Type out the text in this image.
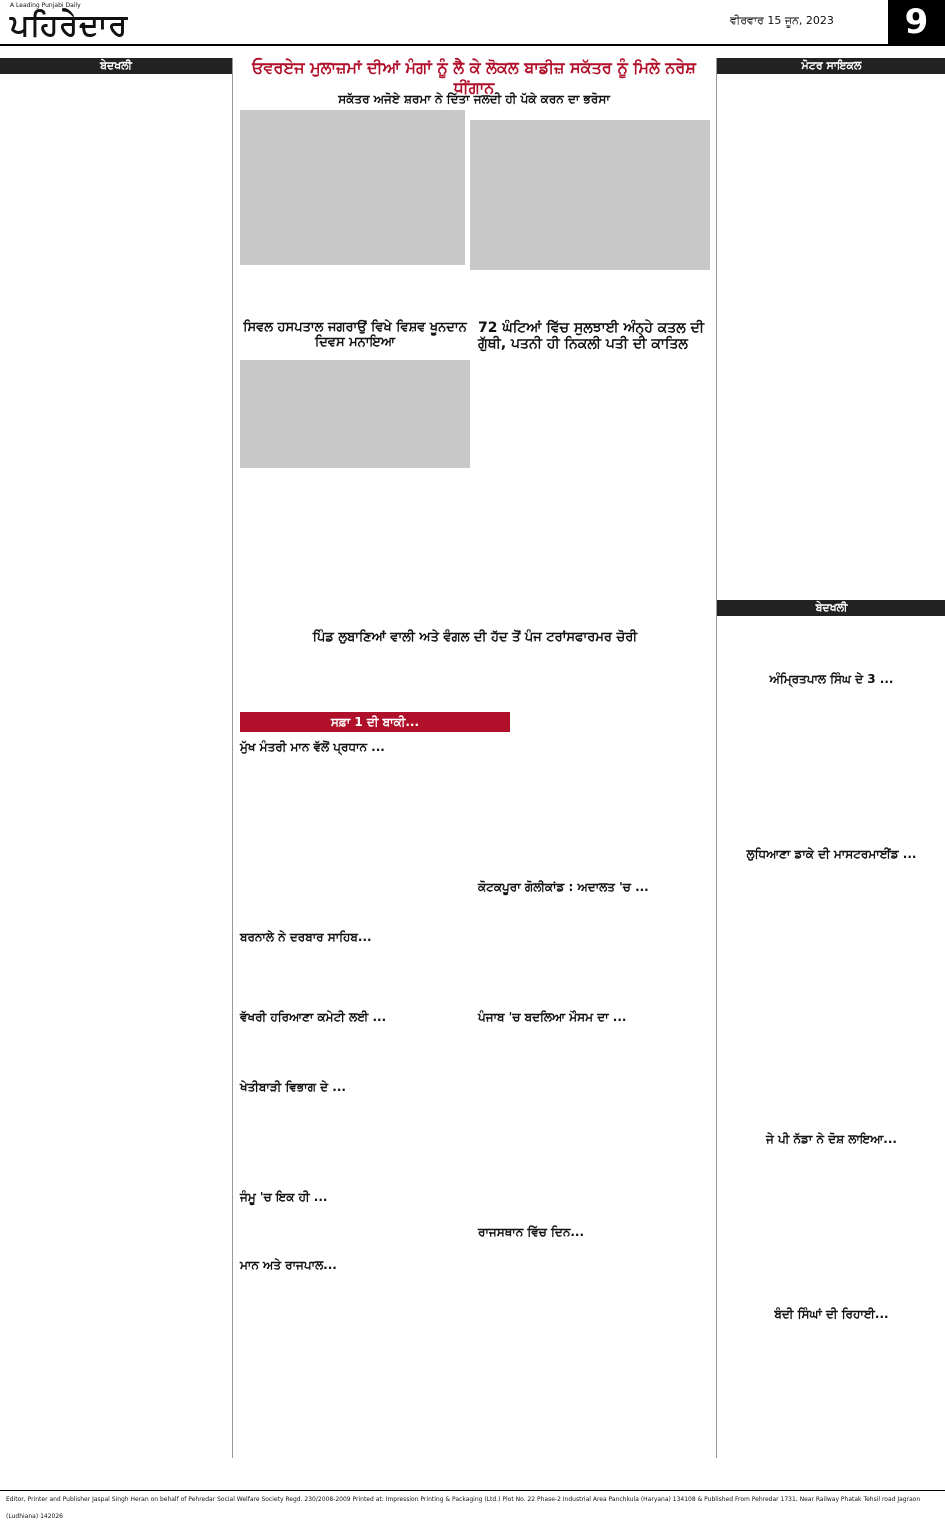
A Leading Punjabi Daily
ਪਹਿਰੇਦਾਰ	ਵੀਰਵਾਰ 15 ਜੂਨ, 2023	9
ਬੇਦਖਲੀ	ਮੋਟਰ ਸਾਇਕਲ
ਬੇਦਖਲੀ
ਅੰਮ੍ਰਿਤਪਾਲ ਸਿੰਘ ਦੇ 3 ...
ਲੁਧਿਆਣਾ ਡਾਕੇ ਦੀ ਮਾਸਟਰਮਾਈਂਡ ...
ਜੇ ਪੀ ਨੱਡਾ ਨੇ ਦੋਸ਼ ਲਾਇਆ...
ਬੰਦੀ ਸਿੰਘਾਂ ਦੀ ਰਿਹਾਈ...
ਓਵਰਏਜ ਮੁਲਾਜ਼ਮਾਂ ਦੀਆਂ ਮੰਗਾਂ ਨੂੰ ਲੈ ਕੇ ਲੋਕਲ ਬਾਡੀਜ਼ ਸਕੱਤਰ ਨੂੰ ਮਿਲੇ ਨਰੇਸ਼ ਧੀਂਗਾਨ
ਸਕੱਤਰ ਅਜੋਏ ਸ਼ਰਮਾ ਨੇ ਦਿੱਤਾ ਜਲਦੀ ਹੀ ਪੱਕੇ ਕਰਨ ਦਾ ਭਰੋਸਾ
ਸਿਵਲ ਹਸਪਤਾਲ ਜਗਰਾਉਂ ਵਿਖੇ ਵਿਸ਼ਵ ਖੂਨਦਾਨ ਦਿਵਸ ਮਨਾਇਆ
72 ਘੰਟਿਆਂ ਵਿੱਚ ਸੁਲਝਾਈ ਅੰਨ੍ਹੇ ਕਤਲ ਦੀ ਗੁੱਥੀ, ਪਤਨੀ ਹੀ ਨਿਕਲੀ ਪਤੀ ਦੀ ਕਾਤਿਲ
ਪਿੰਡ ਲੁਬਾਣਿਆਂ ਵਾਲੀ ਅਤੇ ਵੰਗਲ ਦੀ ਹੱਦ ਤੋਂ ਪੰਜ ਟਰਾਂਸਫਾਰਮਰ ਚੋਰੀ
ਸਫ਼ਾ 1 ਦੀ ਬਾਕੀ...
ਮੁੱਖ ਮੰਤਰੀ ਮਾਨ ਵੱਲੋਂ ਪ੍ਰਧਾਨ ...
ਬਰਨਾਲੇ ਨੇ ਦਰਬਾਰ ਸਾਹਿਬ...
ਵੱਖਰੀ ਹਰਿਆਣਾ ਕਮੇਟੀ ਲਈ ...
ਖੇਤੀਬਾੜੀ ਵਿਭਾਗ ਦੇ ...
ਜੰਮੂ 'ਚ ਇਕ ਹੀ ...
ਮਾਨ ਅਤੇ ਰਾਜਪਾਲ...
ਕੋਟਕਪੂਰਾ ਗੋਲੀਕਾਂਡ : ਅਦਾਲਤ 'ਚ ...
ਪੰਜਾਬ 'ਚ ਬਦਲਿਆ ਮੌਸਮ ਦਾ ...
ਰਾਜਸਥਾਨ ਵਿੱਚ ਦਿਨ...
Editor, Printer and Publisher Jaspal Singh Heran on behalf of Pehredar Social Welfare Society Regd. 230/2008-2009 Printed at: Impression Printing & Packaging (Ltd.) Plot No. 22 Phase-2 Industrial Area Panchkula (Haryana) 134108 & Published From Pehredar 1731, Near Railway Phatak Tehsil road Jagraon (Ludhiana) 142026
